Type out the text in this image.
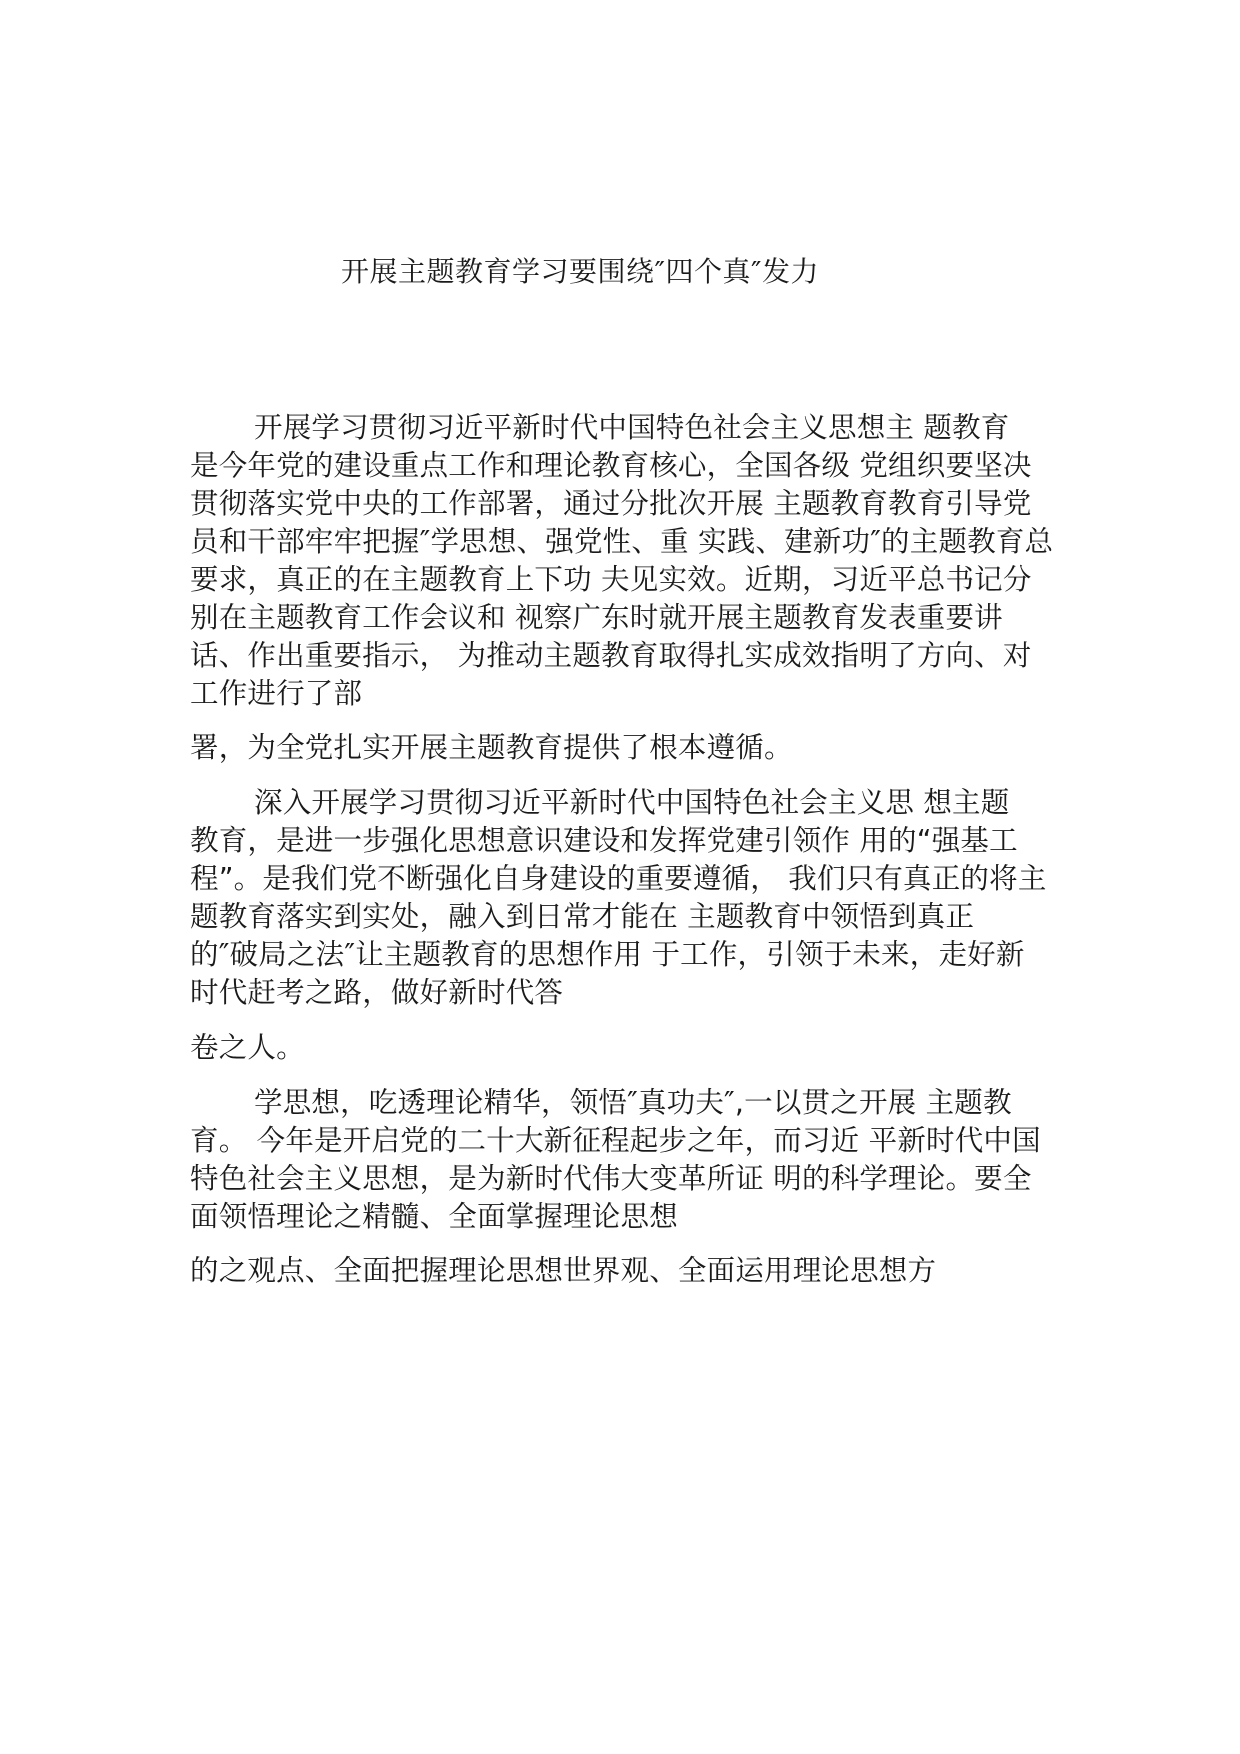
开展主题教育学习要围绕″四个真″发力
开展学习贯彻习近平新时代中国特色社会主义思想主 题教育
是今年党的建设重点工作和理论教育核心，全国各级 党组织要坚决
贯彻落实党中央的工作部署，通过分批次开展 主题教育教育引导党
员和干部牢牢把握″学思想、强党性、重 实践、建新功″的主题教育总
要求，真正的在主题教育上下功 夫见实效。近期，习近平总书记分
别在主题教育工作会议和 视察广东时就开展主题教育发表重要讲
话、作出重要指示， 为推动主题教育取得扎实成效指明了方向、对
工作进行了部
署，为全党扎实开展主题教育提供了根本遵循。
深入开展学习贯彻习近平新时代中国特色社会主义思 想主题
教育，是进一步强化思想意识建设和发挥党建引领作 用的“强基工
程”。是我们党不断强化自身建设的重要遵循， 我们只有真正的将主
题教育落实到实处，融入到日常才能在 主题教育中领悟到真正
的″破局之法″让主题教育的思想作用 于工作，引领于未来，走好新
时代赶考之路，做好新时代答
卷之人。
学思想，吃透理论精华，领悟″真功夫″,一以贯之开展 主题教
育。 今年是开启党的二十大新征程起步之年，而习近 平新时代中国
特色社会主义思想，是为新时代伟大变革所证 明的科学理论。要全
面领悟理论之精髓、全面掌握理论思想
的之观点、全面把握理论思想世界观、全面运用理论思想方
